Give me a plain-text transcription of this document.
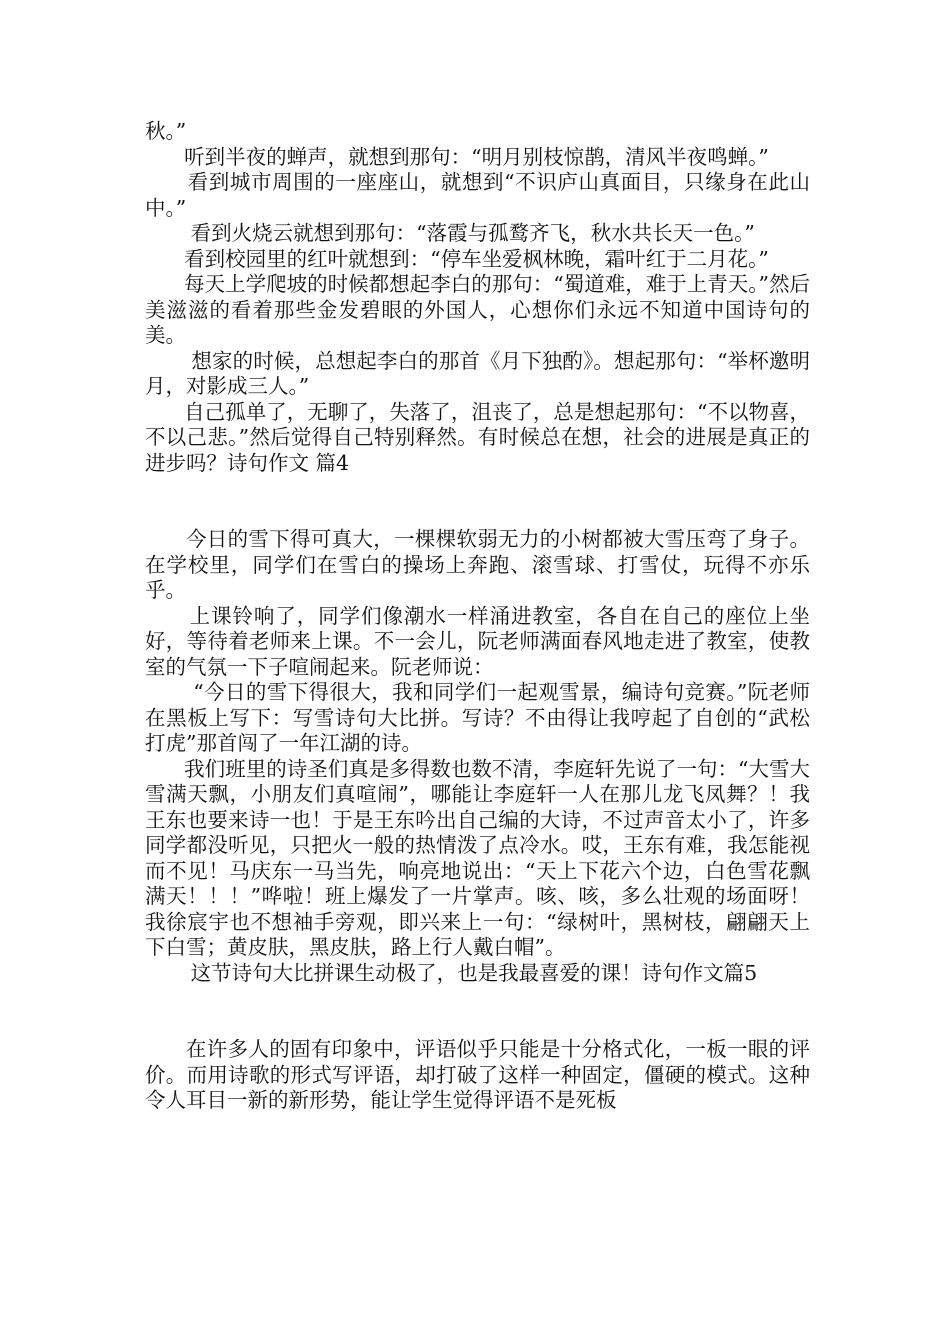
秋。”

听到半夜的蝉声，就想到那句：“明月别枝惊鹊，清风半夜鸣蝉。”

看到城市周围的一座座山，就想到“不识庐山真面目，只缘身在此山中。”

看到火烧云就想到那句：“落霞与孤鹜齐飞，秋水共长天一色。”

看到校园里的红叶就想到：“停车坐爱枫林晚，霜叶红于二月花。”

每天上学爬坡的时候都想起李白的那句：“蜀道难，难于上青天。”然后美滋滋的看着那些金发碧眼的外国人，心想你们永远不知道中国诗句的美。

想家的时候，总想起李白的那首《月下独酌》。想起那句：“举杯邀明月，对影成三人。”

自己孤单了，无聊了，失落了，沮丧了，总是想起那句：“不以物喜，不以己悲。”然后觉得自己特别释然。有时候总在想，社会的进展是真正的进步吗？诗句作文 篇4

今日的雪下得可真大，一棵棵软弱无力的小树都被大雪压弯了身子。在学校里，同学们在雪白的操场上奔跑、滚雪球、打雪仗，玩得不亦乐乎。

上课铃响了，同学们像潮水一样涌进教室，各自在自己的座位上坐好，等待着老师来上课。不一会儿，阮老师满面春风地走进了教室，使教室的气氛一下子喧闹起来。阮老师说：

“今日的雪下得很大，我和同学们一起观雪景，编诗句竞赛。”阮老师在黑板上写下：写雪诗句大比拼。写诗？不由得让我哼起了自创的“武松打虎”那首闯了一年江湖的诗。

我们班里的诗圣们真是多得数也数不清，李庭轩先说了一句：“大雪大雪满天飘，小朋友们真喧闹”，哪能让李庭轩一人在那儿龙飞凤舞？！我王东也要来诗一也！于是王东吟出自己编的大诗，不过声音太小了，许多同学都没听见，只把火一般的热情泼了点冷水。哎，王东有难，我怎能视而不见！马庆东一马当先，响亮地说出：“天上下花六个边，白色雪花飘满天！！！”哗啦！班上爆发了一片掌声。咳、咳，多么壮观的场面呀！我徐宸宇也不想袖手旁观，即兴来上一句：“绿树叶，黑树枝，翩翩天上下白雪；黄皮肤，黑皮肤，路上行人戴白帽”。

这节诗句大比拼课生动极了，也是我最喜爱的课！诗句作文篇5

在许多人的固有印象中，评语似乎只能是十分格式化，一板一眼的评价。而用诗歌的形式写评语，却打破了这样一种固定，僵硬的模式。这种令人耳目一新的新形势，能让学生觉得评语不是死板
